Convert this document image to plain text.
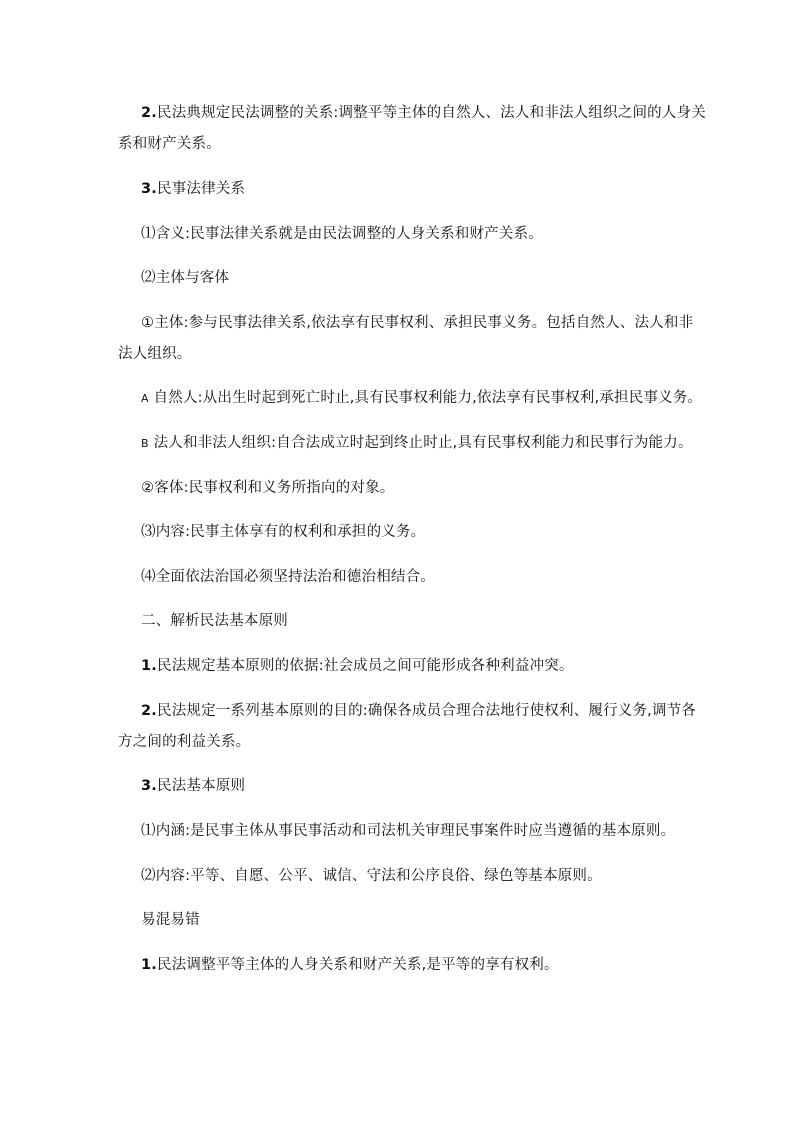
2.民法典规定民法调整的关系:调整平等主体的自然人、法人和非法人组织之间的人身关
系和财产关系。
3.民事法律关系
⑴含义:民事法律关系就是由民法调整的人身关系和财产关系。
⑵主体与客体
①主体:参与民事法律关系,依法享有民事权利、承担民事义务。包括自然人、法人和非
法人组织。
A 自然人:从出生时起到死亡时止,具有民事权利能力,依法享有民事权利,承担民事义务。
B 法人和非法人组织:自合法成立时起到终止时止,具有民事权利能力和民事行为能力。
②客体:民事权利和义务所指向的对象。
⑶内容:民事主体享有的权利和承担的义务。
⑷全面依法治国必须坚持法治和德治相结合。
二、解析民法基本原则
1.民法规定基本原则的依据:社会成员之间可能形成各种利益冲突。
2.民法规定一系列基本原则的目的:确保各成员合理合法地行使权利、履行义务,调节各
方之间的利益关系。
3.民法基本原则
⑴内涵:是民事主体从事民事活动和司法机关审理民事案件时应当遵循的基本原则。
⑵内容:平等、自愿、公平、诚信、守法和公序良俗、绿色等基本原则。
易混易错
1.民法调整平等主体的人身关系和财产关系,是平等的享有权利。
